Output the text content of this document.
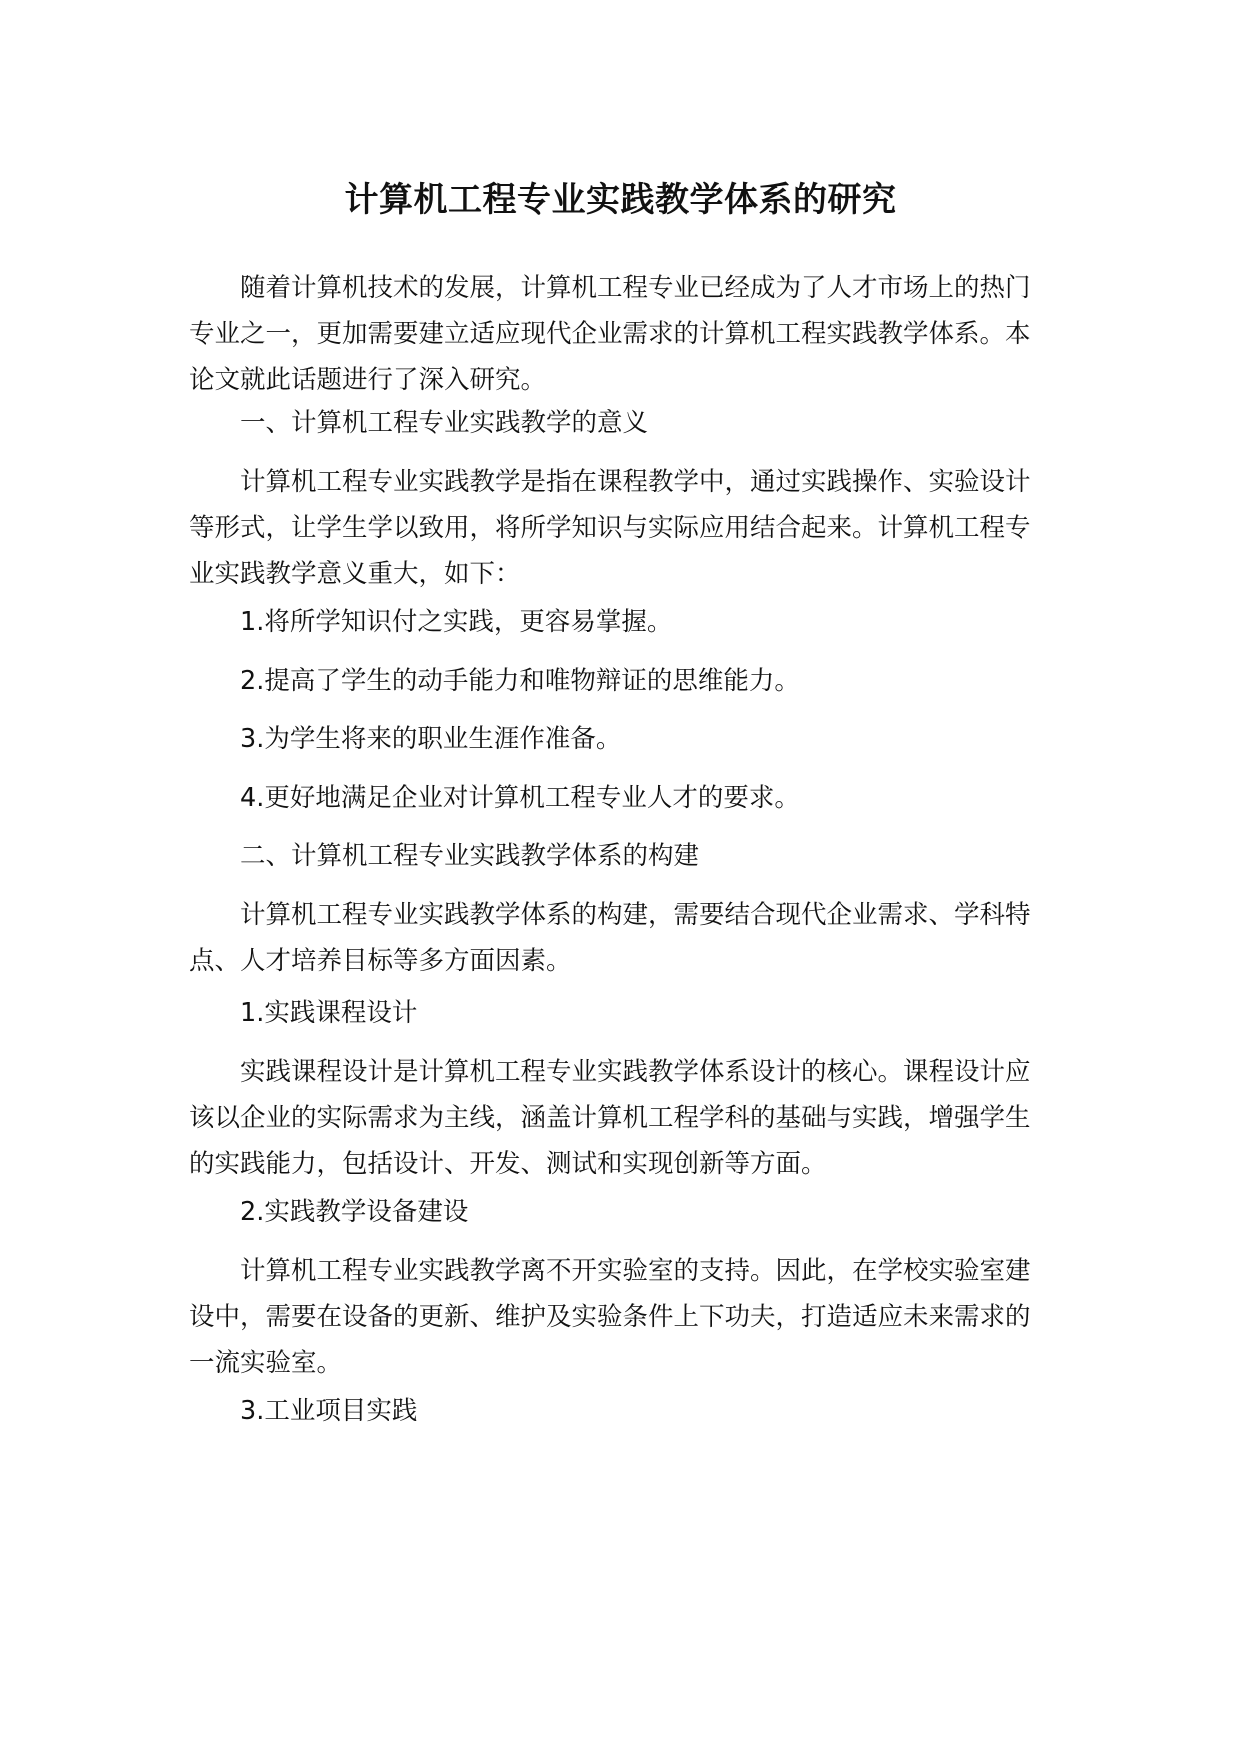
计算机工程专业实践教学体系的研究

随着计算机技术的发展，计算机工程专业已经成为了人才市场上的热门专业之一，更加需要建立适应现代企业需求的计算机工程实践教学体系。本论文就此话题进行了深入研究。

一、计算机工程专业实践教学的意义

计算机工程专业实践教学是指在课程教学中，通过实践操作、实验设计等形式，让学生学以致用，将所学知识与实际应用结合起来。计算机工程专业实践教学意义重大，如下：

1.将所学知识付之实践，更容易掌握。

2.提高了学生的动手能力和唯物辩证的思维能力。

3.为学生将来的职业生涯作准备。

4.更好地满足企业对计算机工程专业人才的要求。

二、计算机工程专业实践教学体系的构建

计算机工程专业实践教学体系的构建，需要结合现代企业需求、学科特点、人才培养目标等多方面因素。

1.实践课程设计

实践课程设计是计算机工程专业实践教学体系设计的核心。课程设计应该以企业的实际需求为主线，涵盖计算机工程学科的基础与实践，增强学生的实践能力，包括设计、开发、测试和实现创新等方面。

2.实践教学设备建设

计算机工程专业实践教学离不开实验室的支持。因此，在学校实验室建设中，需要在设备的更新、维护及实验条件上下功夫，打造适应未来需求的一流实验室。

3.工业项目实践
